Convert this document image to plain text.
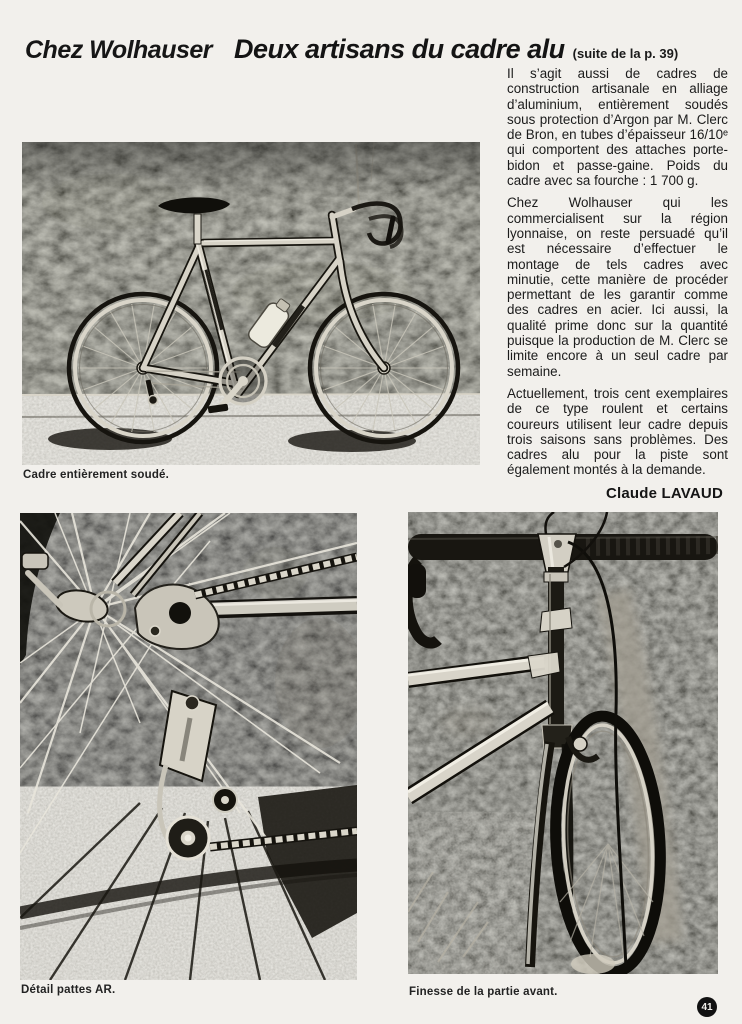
Chez Wolhauser Deux artisans du cadre alu (suite de la p. 39)
Cadre entièrement soudé.

Il s’agit aussi de cadres de construction artisanale en alliage d’aluminium, entièrement soudés sous protection d’Argon par M. Clerc de Bron, en tubes d’épaisseur 16/10ᵉ qui comportent des attaches porte-bidon et passe-gaine. Poids du cadre avec sa fourche : 1 700 g.

Chez Wolhauser qui les commercialisent sur la région lyonnaise, on reste persuadé qu’il est nécessaire d’effectuer le montage de tels cadres avec minutie, cette manière de procéder permettant de les garantir comme des cadres en acier. Ici aussi, la qualité prime donc sur la quantité puisque la production de M. Clerc se limite encore à un seul cadre par semaine.

Actuellement, trois cent exemplaires de ce type roulent et certains coureurs utilisent leur cadre depuis trois saisons sans problèmes. Des cadres alu pour la piste sont également montés à la demande.

Claude LAVAUD
Détail pattes AR.	Finesse de la partie avant.
41
